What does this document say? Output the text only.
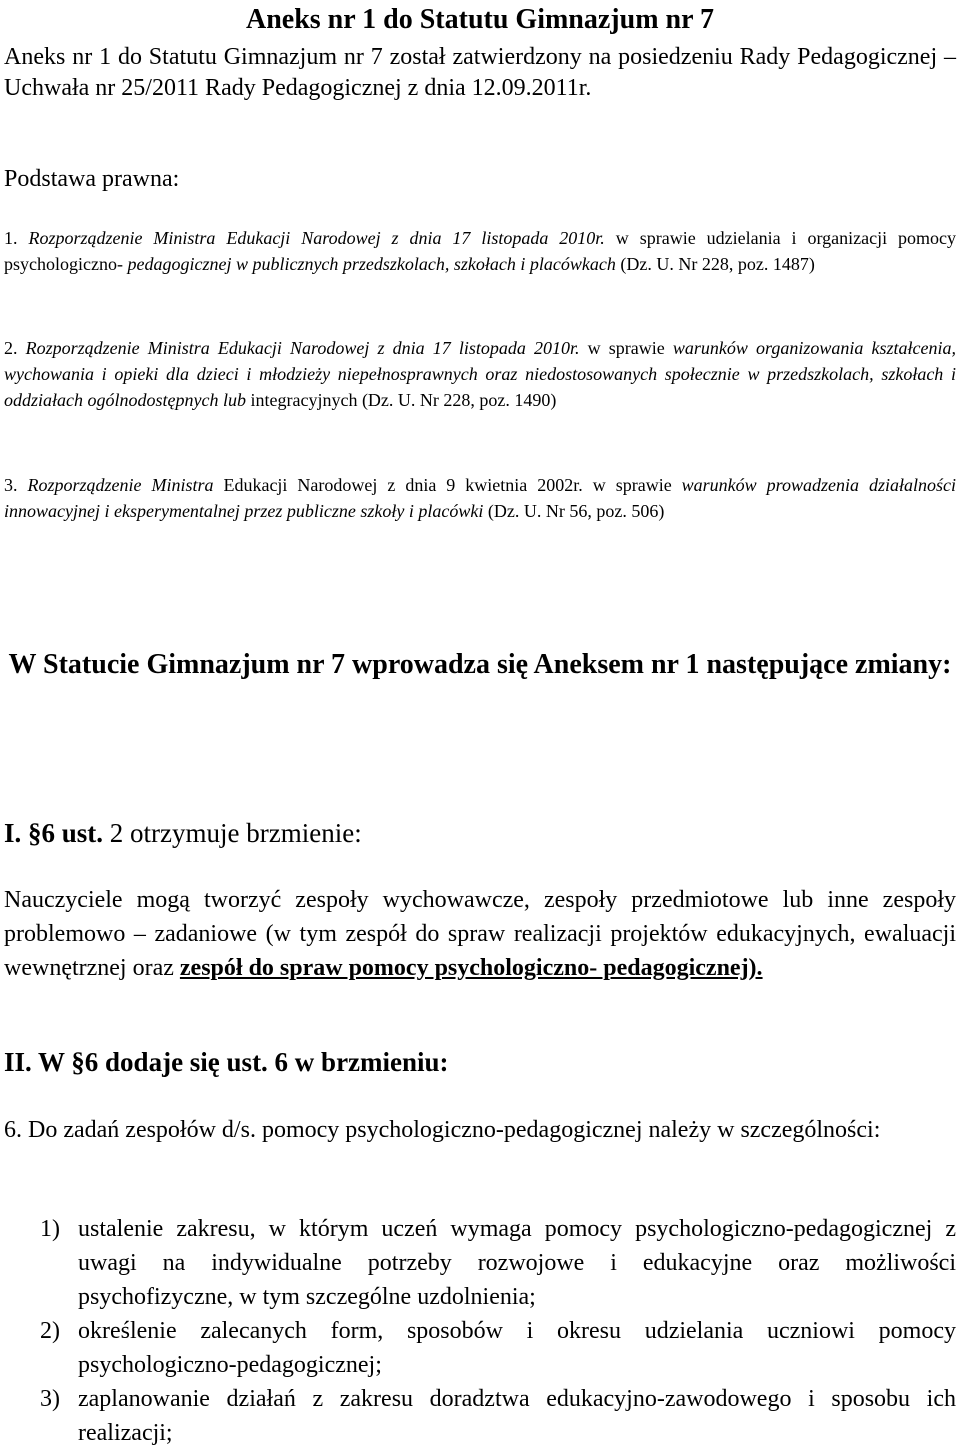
Aneks nr 1 do Statutu Gimnazjum nr 7

Aneks nr 1 do Statutu Gimnazjum nr 7 został zatwierdzony na posiedzeniu Rady Pedagogicznej – Uchwała nr 25/2011 Rady Pedagogicznej z dnia 12.09.2011r.

Podstawa prawna:

1. Rozporządzenie Ministra Edukacji Narodowej z dnia 17 listopada 2010r. w sprawie udzielania i organizacji pomocy psychologiczno- pedagogicznej w publicznych przedszkolach, szkołach i placówkach (Dz. U. Nr 228, poz. 1487)

2. Rozporządzenie Ministra Edukacji Narodowej z dnia 17 listopada 2010r. w sprawie warunków organizowania kształcenia, wychowania i opieki dla dzieci i młodzieży niepełnosprawnych oraz niedostosowanych społecznie w przedszkolach, szkołach i oddziałach ogólnodostępnych lub integracyjnych (Dz. U. Nr 228, poz. 1490)

3. Rozporządzenie Ministra Edukacji Narodowej z dnia 9 kwietnia 2002r. w sprawie warunków prowadzenia działalności innowacyjnej i eksperymentalnej przez publiczne szkoły i placówki (Dz. U. Nr 56, poz. 506)

W Statucie Gimnazjum nr 7 wprowadza się Aneksem nr 1 następujące zmiany:

I. §6 ust. 2 otrzymuje brzmienie:

Nauczyciele mogą tworzyć zespoły wychowawcze, zespoły przedmiotowe lub inne zespoły problemowo – zadaniowe (w tym zespół do spraw realizacji projektów edukacyjnych, ewaluacji wewnętrznej oraz zespół do spraw pomocy psychologiczno- pedagogicznej).

II. W §6 dodaje się ust. 6 w brzmieniu:

6. Do zadań zespołów d/s. pomocy psychologiczno-pedagogicznej należy w szczególności:

1) ustalenie zakresu, w którym uczeń wymaga pomocy psychologiczno-pedagogicznej z uwagi na indywidualne potrzeby rozwojowe i edukacyjne oraz możliwości psychofizyczne, w tym szczególne uzdolnienia;
2) określenie zalecanych form, sposobów i okresu udzielania uczniowi pomocy psychologiczno-pedagogicznej;
3) zaplanowanie działań z zakresu doradztwa edukacyjno-zawodowego i sposobu ich realizacji;
